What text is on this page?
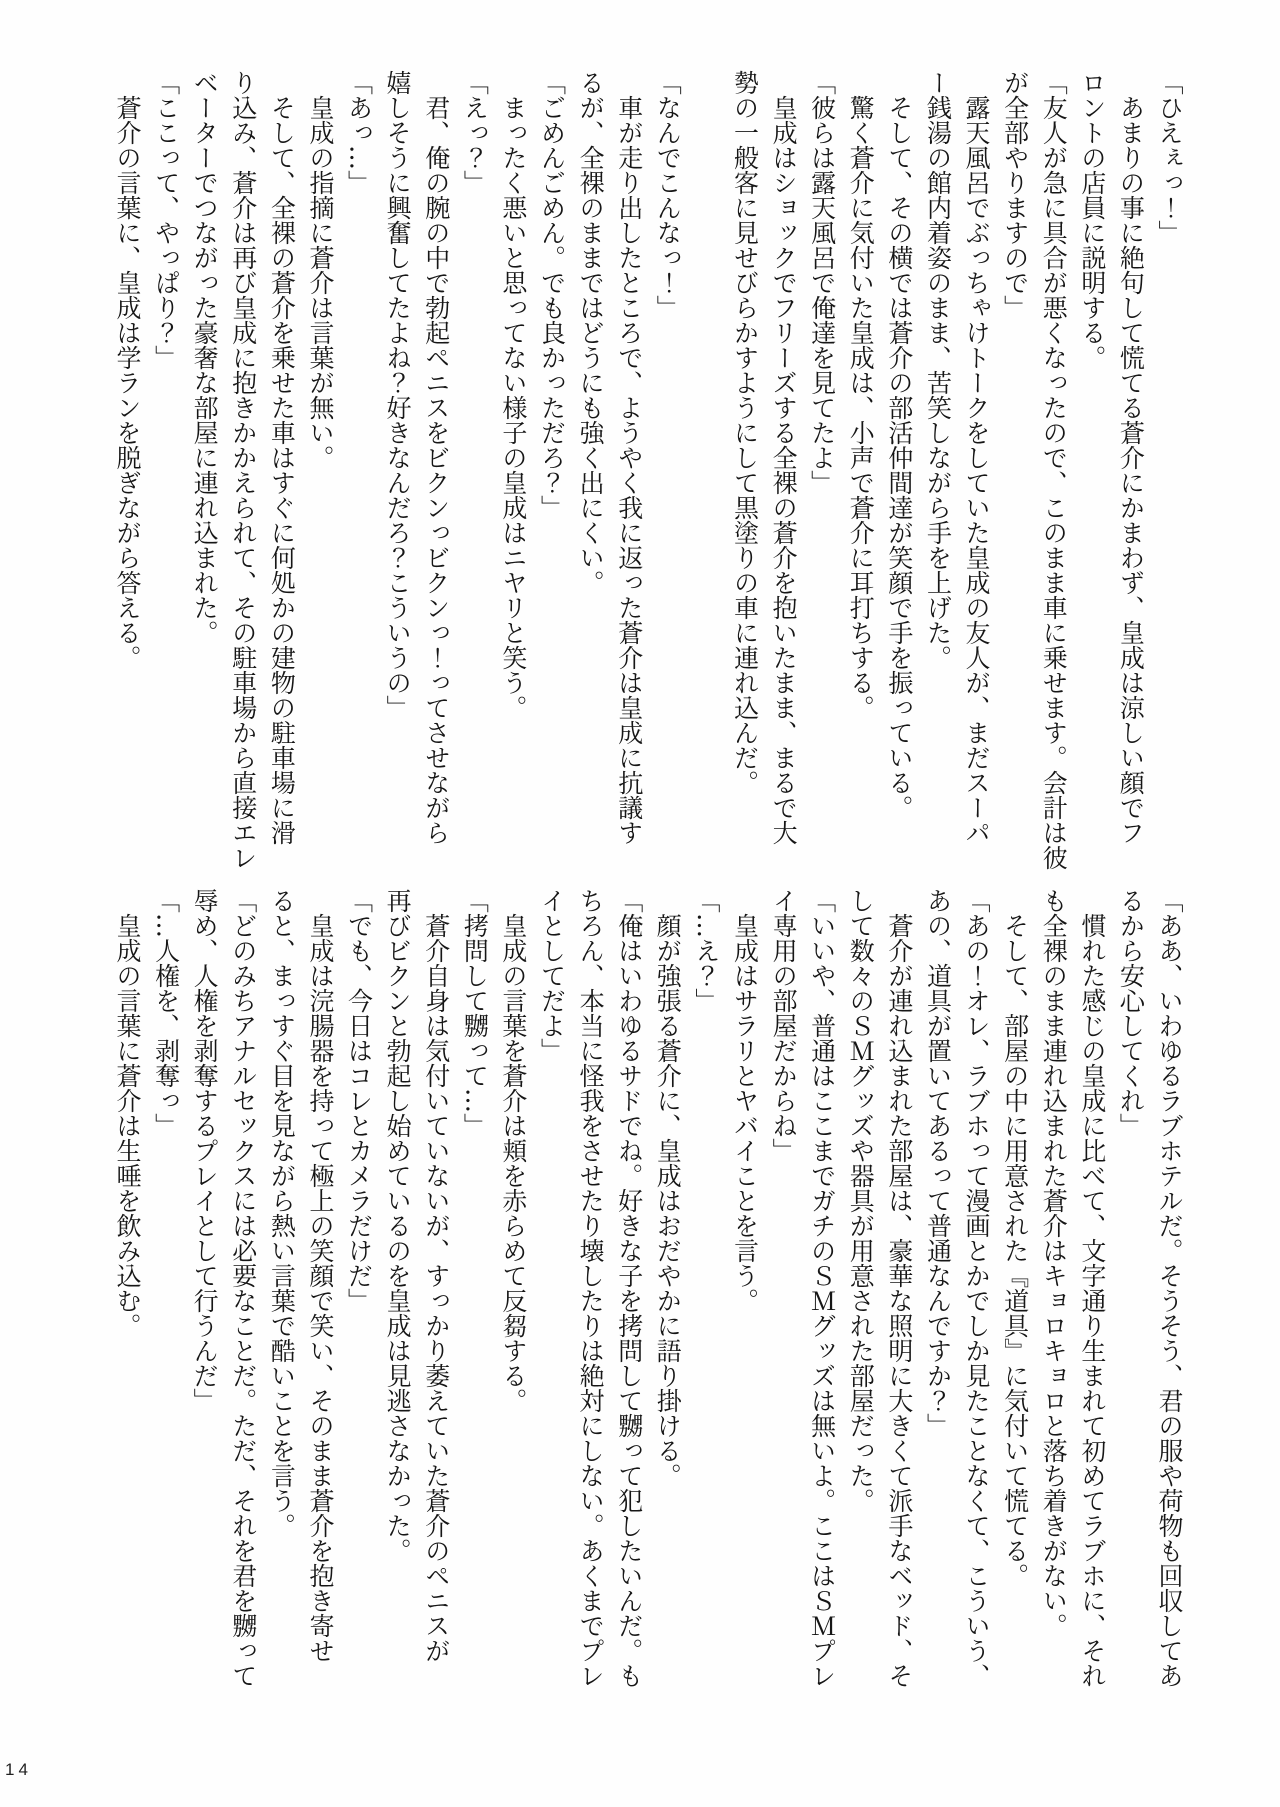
「ひえぇっ！」

あまりの事に絶句して慌てる蒼介にかまわず、皇成は涼しい顔でフ

ロントの店員に説明する。

「友人が急に具合が悪くなったので、このまま車に乗せます。会計は彼

が全部やりますので」

露天風呂でぶっちゃけトークをしていた皇成の友人が、まだスーパ

ー銭湯の館内着姿のまま、苦笑しながら手を上げた。

そして、その横では蒼介の部活仲間達が笑顔で手を振っている。

驚く蒼介に気付いた皇成は、小声で蒼介に耳打ちする。

「彼らは露天風呂で俺達を見てたよ」

皇成はショックでフリーズする全裸の蒼介を抱いたまま、まるで大

勢の一般客に見せびらかすようにして黒塗りの車に連れ込んだ。

「なんでこんなっ！」

車が走り出したところで、ようやく我に返った蒼介は皇成に抗議す

るが、全裸のままではどうにも強く出にくい。

「ごめんごめん。でも良かっただろ？」

まったく悪いと思ってない様子の皇成はニヤリと笑う。

「えっ？」

君、俺の腕の中で勃起ペニスをビクンっビクンっ！ってさせながら

嬉しそうに興奮してたよね？好きなんだろ？こういうの」

「あっ…」

皇成の指摘に蒼介は言葉が無い。

そして、全裸の蒼介を乗せた車はすぐに何処かの建物の駐車場に滑

り込み、蒼介は再び皇成に抱きかかえられて、その駐車場から直接エレ

ベーターでつながった豪奢な部屋に連れ込まれた。

「ここって、やっぱり？」

蒼介の言葉に、皇成は学ランを脱ぎながら答える。

「ああ、いわゆるラブホテルだ。そうそう、君の服や荷物も回収してあ

るから安心してくれ」

慣れた感じの皇成に比べて、文字通り生まれて初めてラブホに、それ

も全裸のまま連れ込まれた蒼介はキョロキョロと落ち着きがない。

そして、部屋の中に用意された『道具』に気付いて慌てる。

「あの！オレ、ラブホって漫画とかでしか見たことなくて、こういう、

あの、道具が置いてあるって普通なんですか？」

蒼介が連れ込まれた部屋は、豪華な照明に大きくて派手なベッド、そ

して数々のＳＭグッズや器具が用意された部屋だった。

「いいや、普通はここまでガチのＳＭグッズは無いよ。ここはＳＭプレ

イ専用の部屋だからね」

皇成はサラリとヤバイことを言う。

「…え？」

顔が強張る蒼介に、皇成はおだやかに語り掛ける。

「俺はいわゆるサドでね。好きな子を拷問して嬲って犯したいんだ。も

ちろん、本当に怪我をさせたり壊したりは絶対にしない。あくまでプレ

イとしてだよ」

皇成の言葉を蒼介は頬を赤らめて反芻する。

「拷問して嬲って…」

蒼介自身は気付いていないが、すっかり萎えていた蒼介のペニスが

再びビクンと勃起し始めているのを皇成は見逃さなかった。

「でも、今日はコレとカメラだけだ」

皇成は浣腸器を持って極上の笑顔で笑い、そのまま蒼介を抱き寄せ

ると、まっすぐ目を見ながら熱い言葉で酷いことを言う。

「どのみちアナルセックスには必要なことだ。ただ、それを君を嬲って

辱め、人権を剥奪するプレイとして行うんだ」

「…人権を、剥奪っ」

皇成の言葉に蒼介は生唾を飲み込む。

14
